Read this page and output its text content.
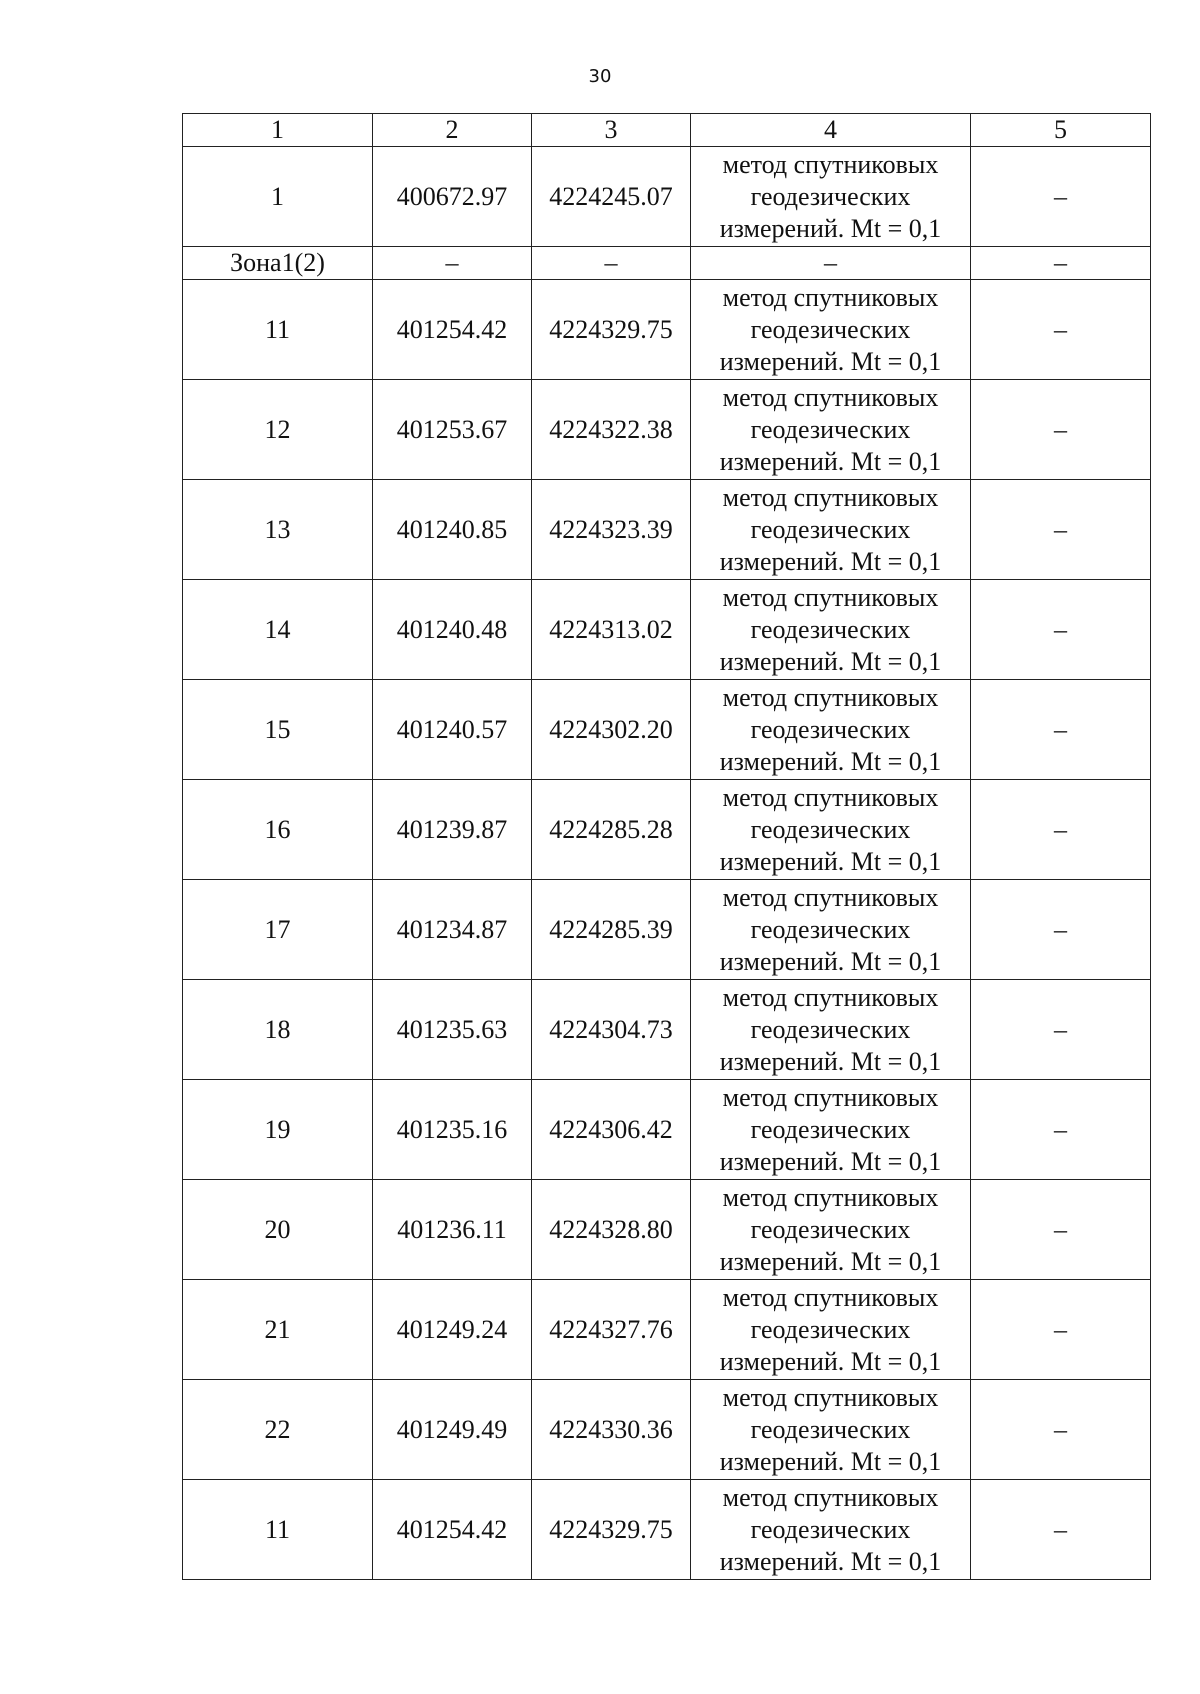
30
1	2	3	4	5
1	400672.97	4224245.07	метод спутниковых
геодезических
измерений. Mt = 0,1	–
Зона1(2)	–	–	–	–
11	401254.42	4224329.75	метод спутниковых
геодезических
измерений. Mt = 0,1	–
12	401253.67	4224322.38	метод спутниковых
геодезических
измерений. Mt = 0,1	–
13	401240.85	4224323.39	метод спутниковых
геодезических
измерений. Mt = 0,1	–
14	401240.48	4224313.02	метод спутниковых
геодезических
измерений. Mt = 0,1	–
15	401240.57	4224302.20	метод спутниковых
геодезических
измерений. Mt = 0,1	–
16	401239.87	4224285.28	метод спутниковых
геодезических
измерений. Mt = 0,1	–
17	401234.87	4224285.39	метод спутниковых
геодезических
измерений. Mt = 0,1	–
18	401235.63	4224304.73	метод спутниковых
геодезических
измерений. Mt = 0,1	–
19	401235.16	4224306.42	метод спутниковых
геодезических
измерений. Mt = 0,1	–
20	401236.11	4224328.80	метод спутниковых
геодезических
измерений. Mt = 0,1	–
21	401249.24	4224327.76	метод спутниковых
геодезических
измерений. Mt = 0,1	–
22	401249.49	4224330.36	метод спутниковых
геодезических
измерений. Mt = 0,1	–
11	401254.42	4224329.75	метод спутниковых
геодезических
измерений. Mt = 0,1	–
